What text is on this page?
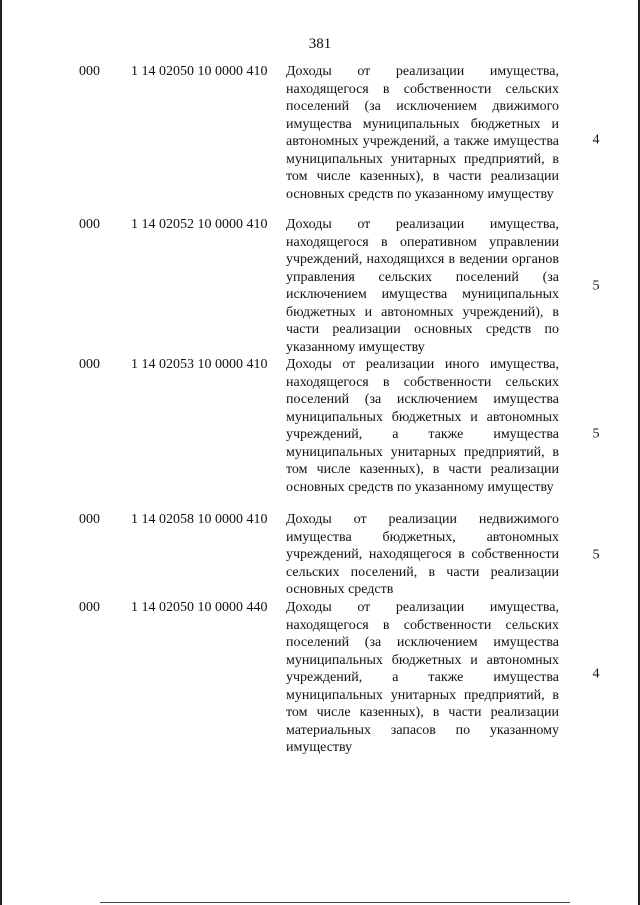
381
000 1 14 02050 10 0000 410 Доходы от реализации имущества, находящегося в собственности сельских поселений (за исключением движимого имущества муниципальных бюджетных и автономных учреждений, а также имущества муниципальных унитарных предприятий, в том числе казенных), в части реализации основных средств по указанному имуществу
4
000 1 14 02052 10 0000 410 Доходы от реализации имущества, находящегося в оперативном управлении учреждений, находящихся в ведении органов управления сельских поселений (за исключением имущества муниципальных бюджетных и автономных учреждений), в части реализации основных средств по указанному имуществу
5
000 1 14 02053 10 0000 410 Доходы от реализации иного имущества, находящегося в собственности сельских поселений (за исключением имущества муниципальных бюджетных и автономных учреждений, а также имущества муниципальных унитарных предприятий, в том числе казенных), в части реализации основных средств по указанному имуществу
5
000 1 14 02058 10 0000 410 Доходы от реализации недвижимого имущества бюджетных, автономных учреждений, находящегося в собственности сельских поселений, в части реализации основных средств
5
000 1 14 02050 10 0000 440 Доходы от реализации имущества, находящегося в собственности сельских поселений (за исключением имущества муниципальных бюджетных и автономных учреждений, а также имущества муниципальных унитарных предприятий, в том числе казенных), в части реализации материальных запасов по указанному имуществу
4
